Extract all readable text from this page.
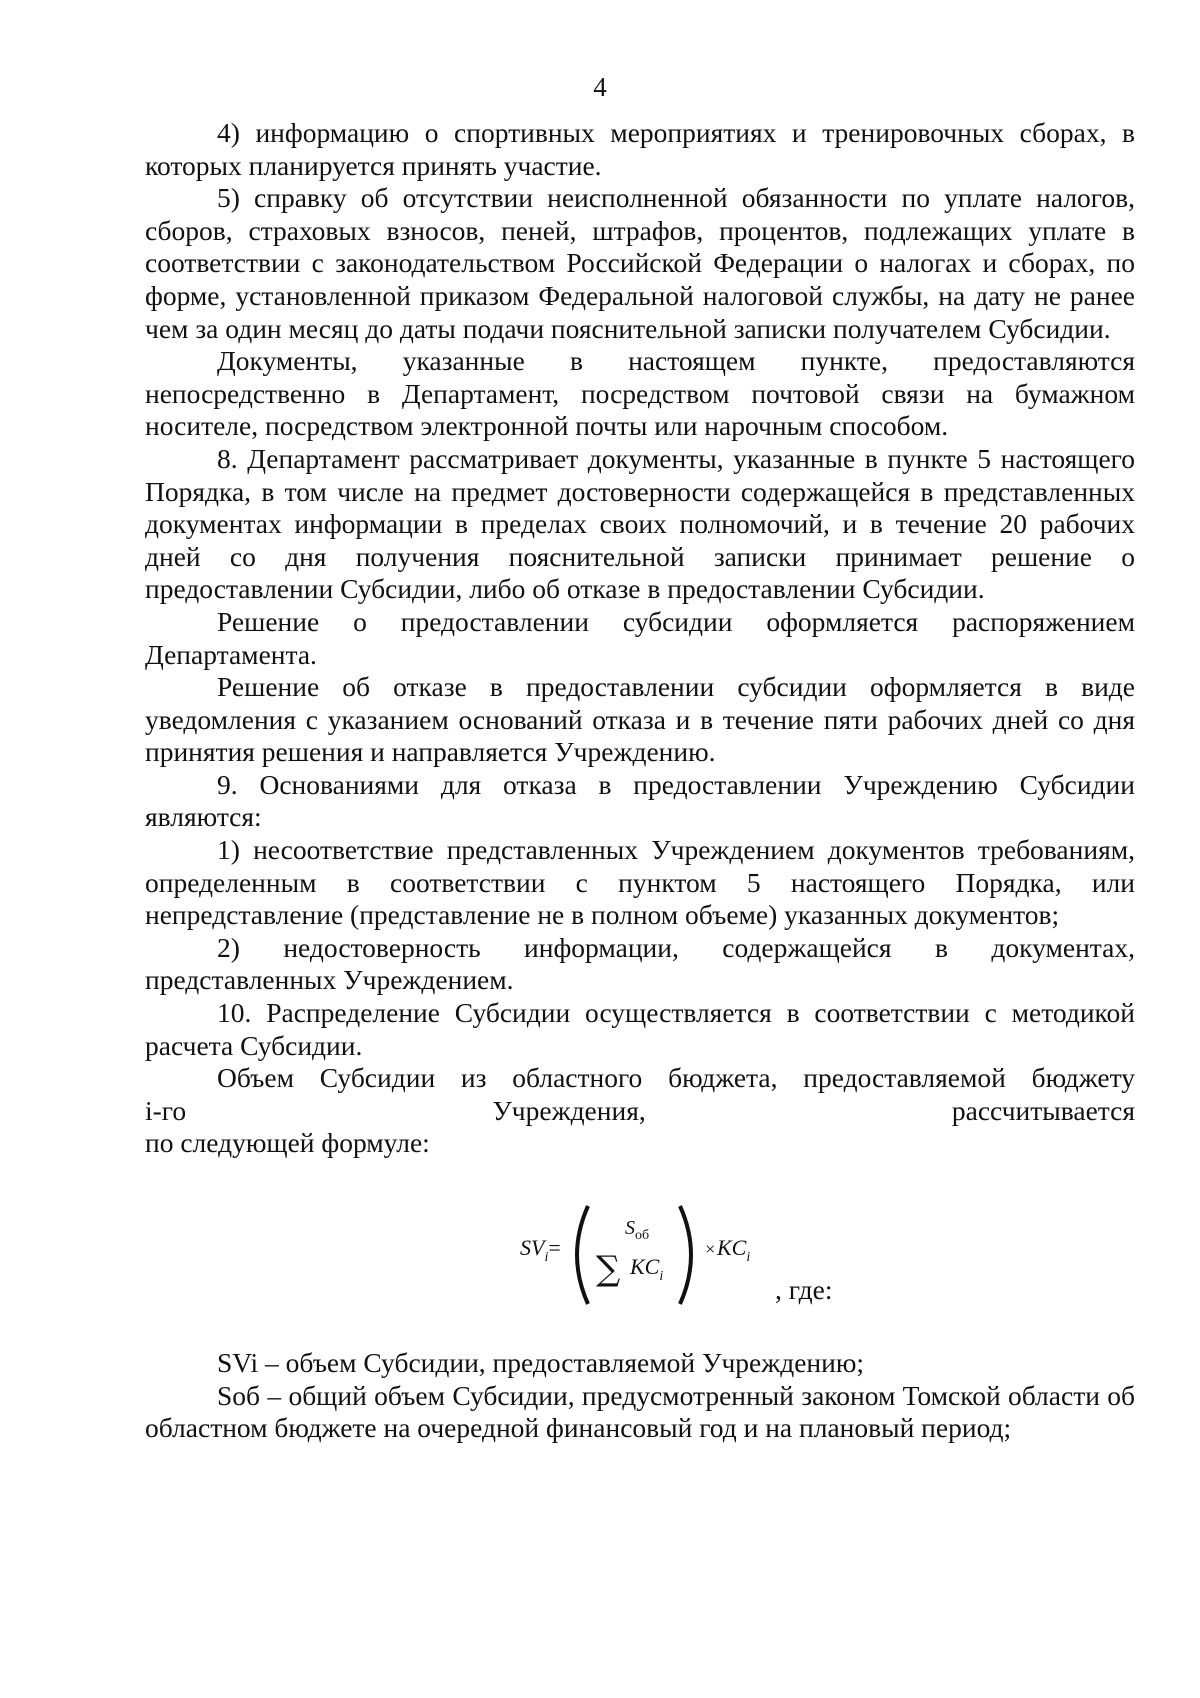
4

4) информацию о спортивных мероприятиях и тренировочных сборах, в которых планируется принять участие.

5) справку об отсутствии неисполненной обязанности по уплате налогов, сборов, страховых взносов, пеней, штрафов, процентов, подлежащих уплате в соответствии с законодательством Российской Федерации о налогах и сборах, по форме, установленной приказом Федеральной налоговой службы, на дату не ранее чем за один месяц до даты подачи пояснительной записки получателем Субсидии.

Документы, указанные в настоящем пункте, предоставляются непосредственно в Департамент, посредством почтовой связи на бумажном носителе, посредством электронной почты или нарочным способом.

8. Департамент рассматривает документы, указанные в пункте 5 настоящего Порядка, в том числе на предмет достоверности содержащейся в представленных документах информации в пределах своих полномочий, и в течение 20 рабочих дней со дня получения пояснительной записки принимает решение о предоставлении Субсидии, либо об отказе в предоставлении Субсидии.

Решение о предоставлении субсидии оформляется распоряжением Департамента.

Решение об отказе в предоставлении субсидии оформляется в виде уведомления с указанием оснований отказа и в течение пяти рабочих дней со дня принятия решения и направляется Учреждению.

9. Основаниями для отказа в предоставлении Учреждению Субсидии являются:

1) несоответствие представленных Учреждением документов требованиям, определенным в соответствии с пунктом 5 настоящего Порядка, или непредставление (представление не в полном объеме) указанных документов;

2) недостоверность информации, содержащейся в документах, представленных Учреждением.

10. Распределение Субсидии осуществляется в соответствии с методикой расчета Субсидии.

Объем Субсидии из областного бюджета, предоставляемой бюджету

i-го	Учреждения,	рассчитывается

по следующей формуле:

$SV_i=$
$S_{об}$
∑ $KC_i$
× $KC_i$
, где:

SVi – объем Субсидии, предоставляемой Учреждению;

Sоб – общий объем Субсидии, предусмотренный законом Томской области об областном бюджете на очередной финансовый год и на плановый период;
